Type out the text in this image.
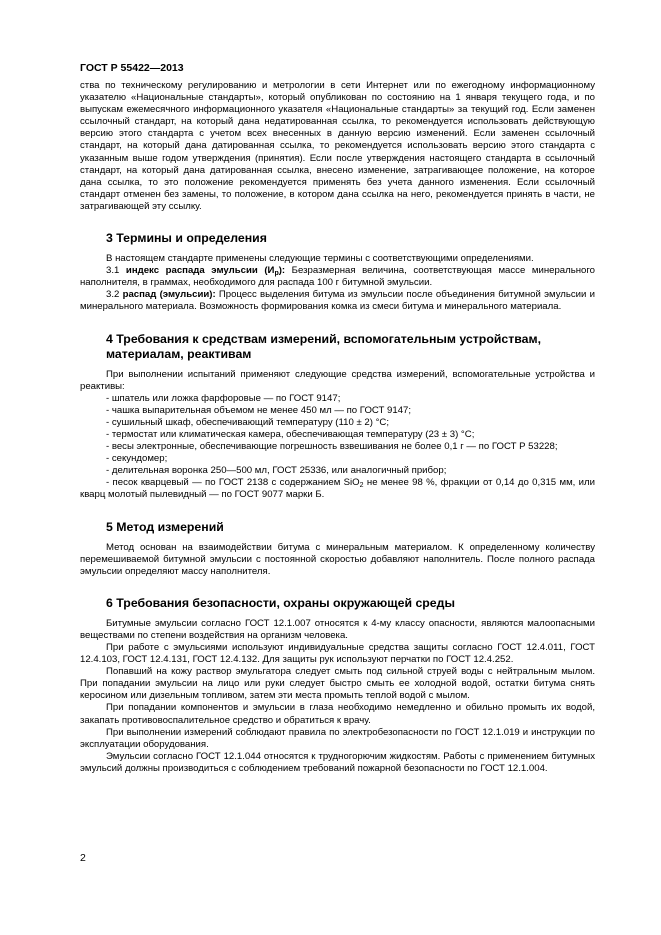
ГОСТ Р 55422—2013

ства по техническому регулированию и метрологии в сети Интернет или по ежегодному информационному указателю «Национальные стандарты», который опубликован по состоянию на 1 января текущего года, и по выпускам ежемесячного информационного указателя «Национальные стандарты» за текущий год. Если заменен ссылочный стандарт, на который дана недатированная ссылка, то рекомендуется использовать действующую версию этого стандарта с учетом всех внесенных в данную версию изменений. Если заменен ссылочный стандарт, на который дана датированная ссылка, то рекомендуется использовать версию этого стандарта с указанным выше годом утверждения (принятия). Если после утверждения настоящего стандарта в ссылочный стандарт, на который дана датированная ссылка, внесено изменение, затрагивающее положение, на которое дана ссылка, то это положение рекомендуется применять без учета данного изменения. Если ссылочный стандарт отменен без замены, то положение, в котором дана ссылка на него, рекомендуется принять в части, не затрагивающей эту ссылку.

3 Термины и определения

В настоящем стандарте применены следующие термины с соответствующими определениями.

3.1 индекс распада эмульсии $(И_р)$: Безразмерная величина, соответствующая массе минерального наполнителя, в граммах, необходимого для распада 100 г битумной эмульсии.

3.2 распад (эмульсии): Процесс выделения битума из эмульсии после объединения битумной эмульсии и минерального материала. Возможность формирования комка из смеси битума и минерального материала.

4 Требования к средствам измерений, вспомогательным устройствам, материалам, реактивам

При выполнении испытаний применяют следующие средства измерений, вспомогательные устройства и реактивы:

- шпатель или ложка фарфоровые — по ГОСТ 9147;

- чашка выпарительная объемом не менее 450 мл — по ГОСТ 9147;

- сушильный шкаф, обеспечивающий температуру (110 ± 2) °С;

- термостат или климатическая камера, обеспечивающая температуру (23 ± 3) °С;

- весы электронные, обеспечивающие погрешность взвешивания не более 0,1 г — по ГОСТ Р 53228;

- секундомер;

- делительная воронка 250—500 мл, ГОСТ 25336, или аналогичный прибор;

- песок кварцевый — по ГОСТ 2138 с содержанием SiO$_2$ не менее 98 %, фракции от 0,14 до 0,315 мм, или кварц молотый пылевидный — по ГОСТ 9077 марки Б.

5 Метод измерений

Метод основан на взаимодействии битума с минеральным материалом. К определенному количеству перемешиваемой битумной эмульсии с постоянной скоростью добавляют наполнитель. После полного распада эмульсии определяют массу наполнителя.

6 Требования безопасности, охраны окружающей среды

Битумные эмульсии согласно ГОСТ 12.1.007 относятся к 4-му классу опасности, являются малоопасными веществами по степени воздействия на организм человека.

При работе с эмульсиями используют индивидуальные средства защиты согласно ГОСТ 12.4.011, ГОСТ 12.4.103, ГОСТ 12.4.131, ГОСТ 12.4.132. Для защиты рук используют перчатки по ГОСТ 12.4.252.

Попавший на кожу раствор эмульгатора следует смыть под сильной струей воды с нейтральным мылом. При попадании эмульсии на лицо или руки следует быстро смыть ее холодной водой, остатки битума снять керосином или дизельным топливом, затем эти места промыть теплой водой с мылом.

При попадании компонентов и эмульсии в глаза необходимо немедленно и обильно промыть их водой, закапать противовоспалительное средство и обратиться к врачу.

При выполнении измерений соблюдают правила по электробезопасности по ГОСТ 12.1.019 и инструкции по эксплуатации оборудования.

Эмульсии согласно ГОСТ 12.1.044 относятся к трудногорючим жидкостям. Работы с применением битумных эмульсий должны производиться с соблюдением требований пожарной безопасности по ГОСТ 12.1.004.

2
